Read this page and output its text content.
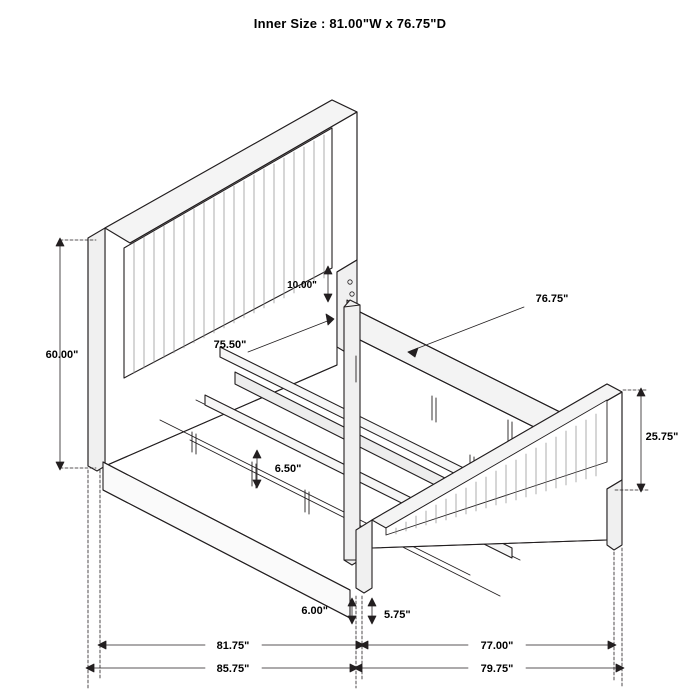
Inner Size : 81.00"W x 76.75"D
60.00"
10.00"
75.50"
76.75"
25.75"
6.50"
6.00"	5.75"
81.75"	77.00"
85.75"	79.75"
